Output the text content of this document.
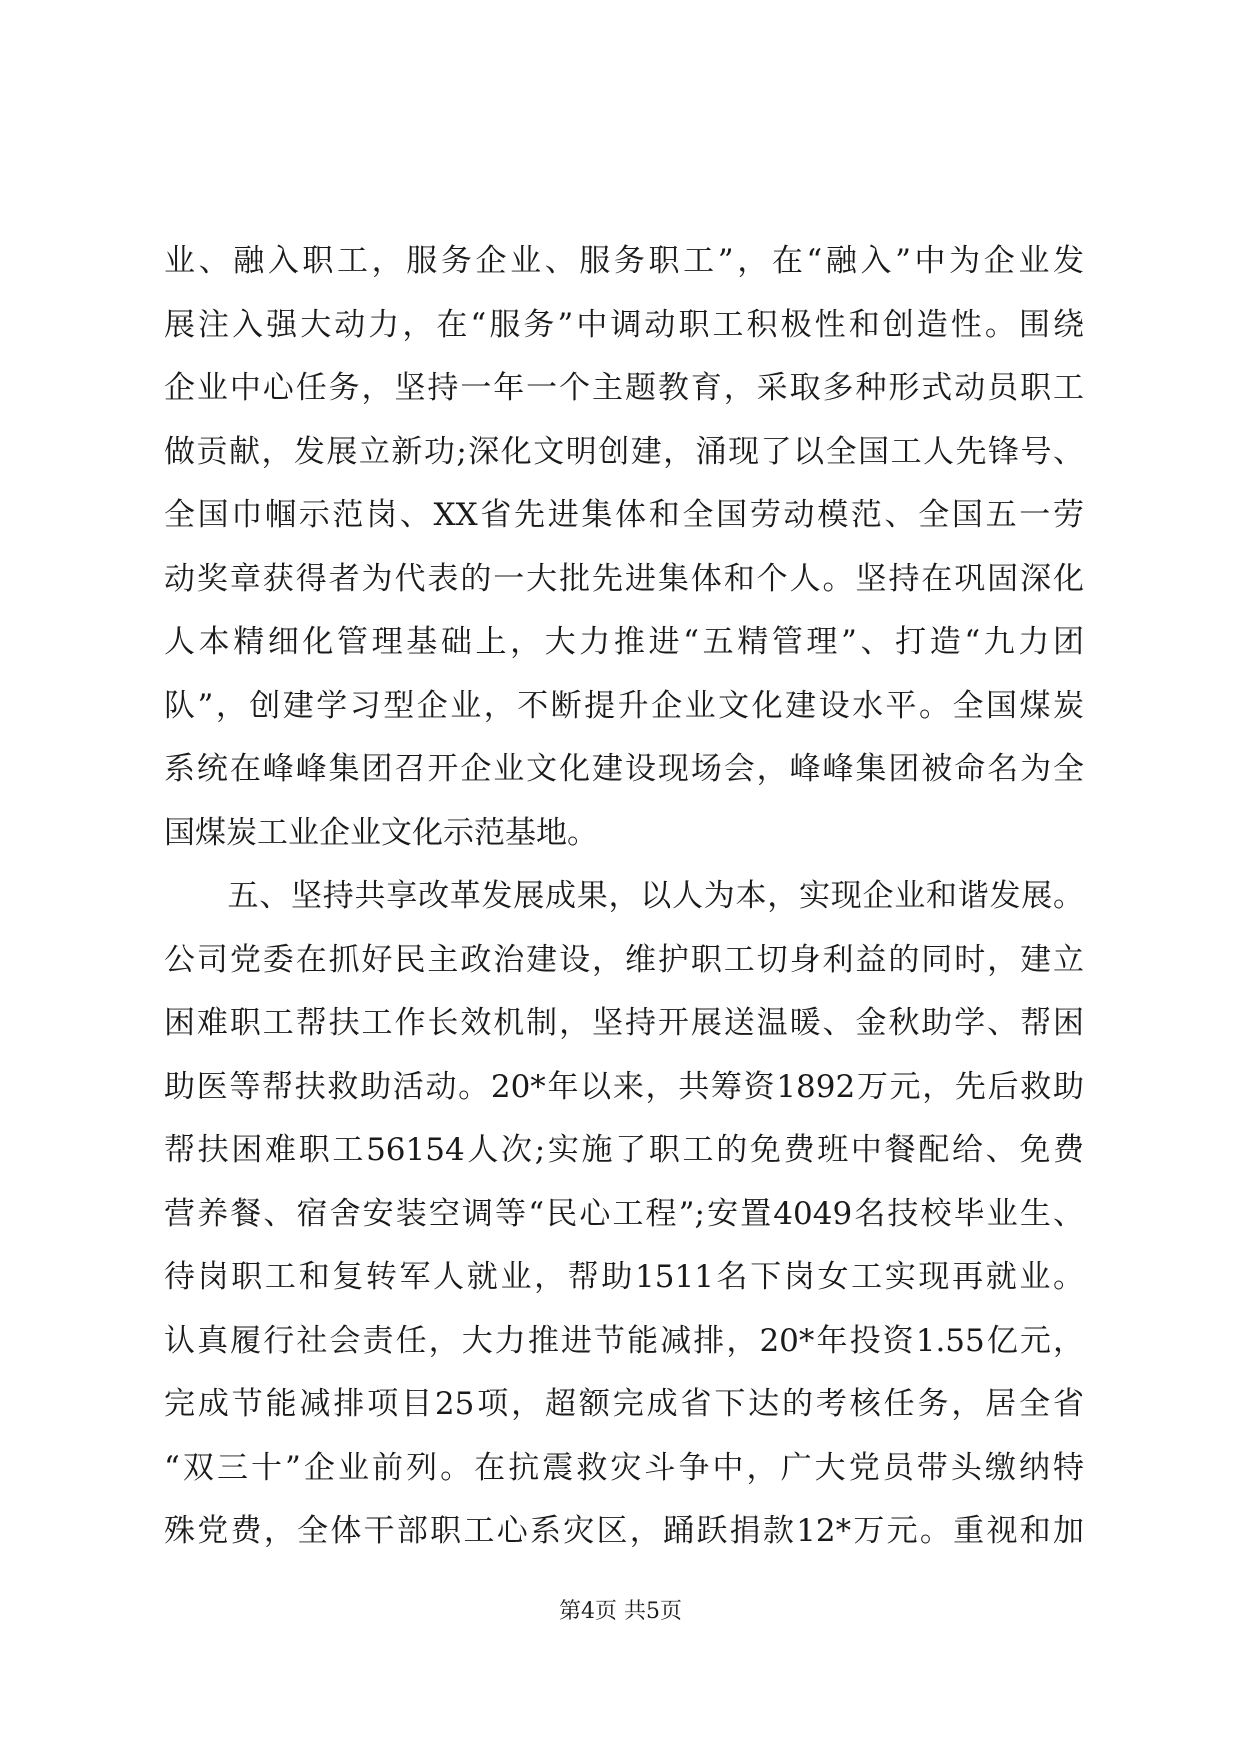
业、融入职工，服务企业、服务职工”，在“融入”中为企业发
展注入强大动力，在“服务”中调动职工积极性和创造性。围绕
企业中心任务，坚持一年一个主题教育，采取多种形式动员职工
做贡献，发展立新功;深化文明创建，涌现了以全国工人先锋号、
全国巾帼示范岗、XX省先进集体和全国劳动模范、全国五一劳
动奖章获得者为代表的一大批先进集体和个人。坚持在巩固深化
人本精细化管理基础上，大力推进“五精管理”、打造“九力团
队”，创建学习型企业，不断提升企业文化建设水平。全国煤炭
系统在峰峰集团召开企业文化建设现场会，峰峰集团被命名为全
国煤炭工业企业文化示范基地。
　　五、坚持共享改革发展成果，以人为本，实现企业和谐发展。
公司党委在抓好民主政治建设，维护职工切身利益的同时，建立
困难职工帮扶工作长效机制，坚持开展送温暖、金秋助学、帮困
助医等帮扶救助活动。20*年以来，共筹资1892万元，先后救助
帮扶困难职工56154人次;实施了职工的免费班中餐配给、免费
营养餐、宿舍安装空调等“民心工程”;安置4049名技校毕业生、
待岗职工和复转军人就业，帮助1511名下岗女工实现再就业。
认真履行社会责任，大力推进节能减排，20*年投资1.55亿元，
完成节能减排项目25项，超额完成省下达的考核任务，居全省
“双三十”企业前列。在抗震救灾斗争中，广大党员带头缴纳特
殊党费，全体干部职工心系灾区，踊跃捐款12*万元。重视和加
第4页 共5页
